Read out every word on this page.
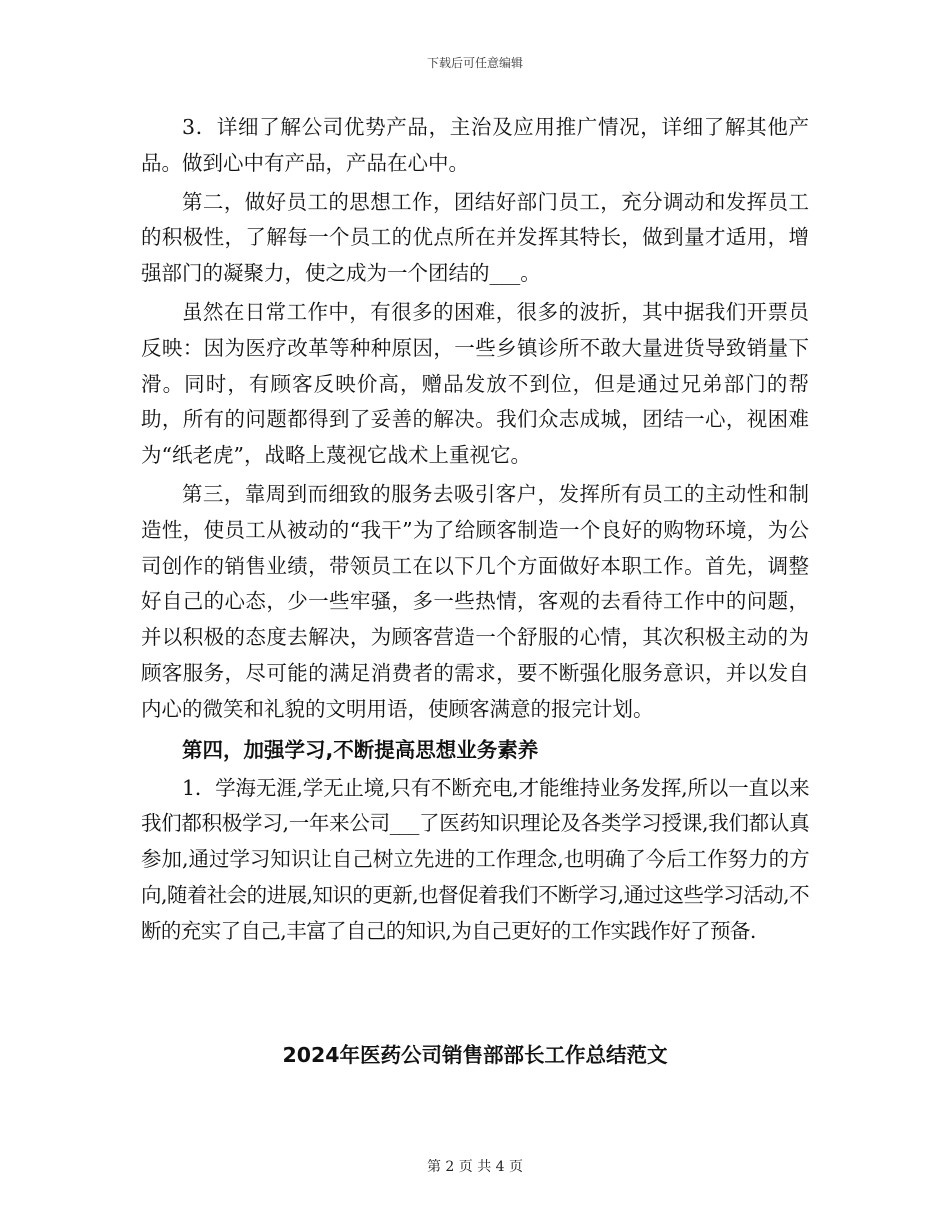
下载后可任意编辑

3．详细了解公司优势产品，主治及应用推广情况，详细了解其他产品。做到心中有产品，产品在心中。

第二，做好员工的思想工作，团结好部门员工，充分调动和发挥员工的积极性，了解每一个员工的优点所在并发挥其特长，做到量才适用，增强部门的凝聚力，使之成为一个团结的___。

虽然在日常工作中，有很多的困难，很多的波折，其中据我们开票员反映：因为医疗改革等种种原因，一些乡镇诊所不敢大量进货导致销量下滑。同时，有顾客反映价高，赠品发放不到位，但是通过兄弟部门的帮助，所有的问题都得到了妥善的解决。我们众志成城，团结一心，视困难为“纸老虎”，战略上蔑视它战术上重视它。

第三，靠周到而细致的服务去吸引客户，发挥所有员工的主动性和制造性，使员工从被动的“我干”为了给顾客制造一个良好的购物环境，为公司创作的销售业绩，带领员工在以下几个方面做好本职工作。首先，调整好自己的心态，少一些牢骚，多一些热情，客观的去看待工作中的问题，并以积极的态度去解决，为顾客营造一个舒服的心情，其次积极主动的为顾客服务，尽可能的满足消费者的需求，要不断强化服务意识，并以发自内心的微笑和礼貌的文明用语，使顾客满意的报完计划。

第四，加强学习,不断提高思想业务素养

1．学海无涯,学无止境,只有不断充电,才能维持业务发挥,所以一直以来我们都积极学习,一年来公司___了医药知识理论及各类学习授课,我们都认真参加,通过学习知识让自己树立先进的工作理念,也明确了今后工作努力的方向,随着社会的进展,知识的更新,也督促着我们不断学习,通过这些学习活动,不断的充实了自己,丰富了自己的知识,为自己更好的工作实践作好了预备.

2024年医药公司销售部部长工作总结范文
第 2 页 共 4 页
